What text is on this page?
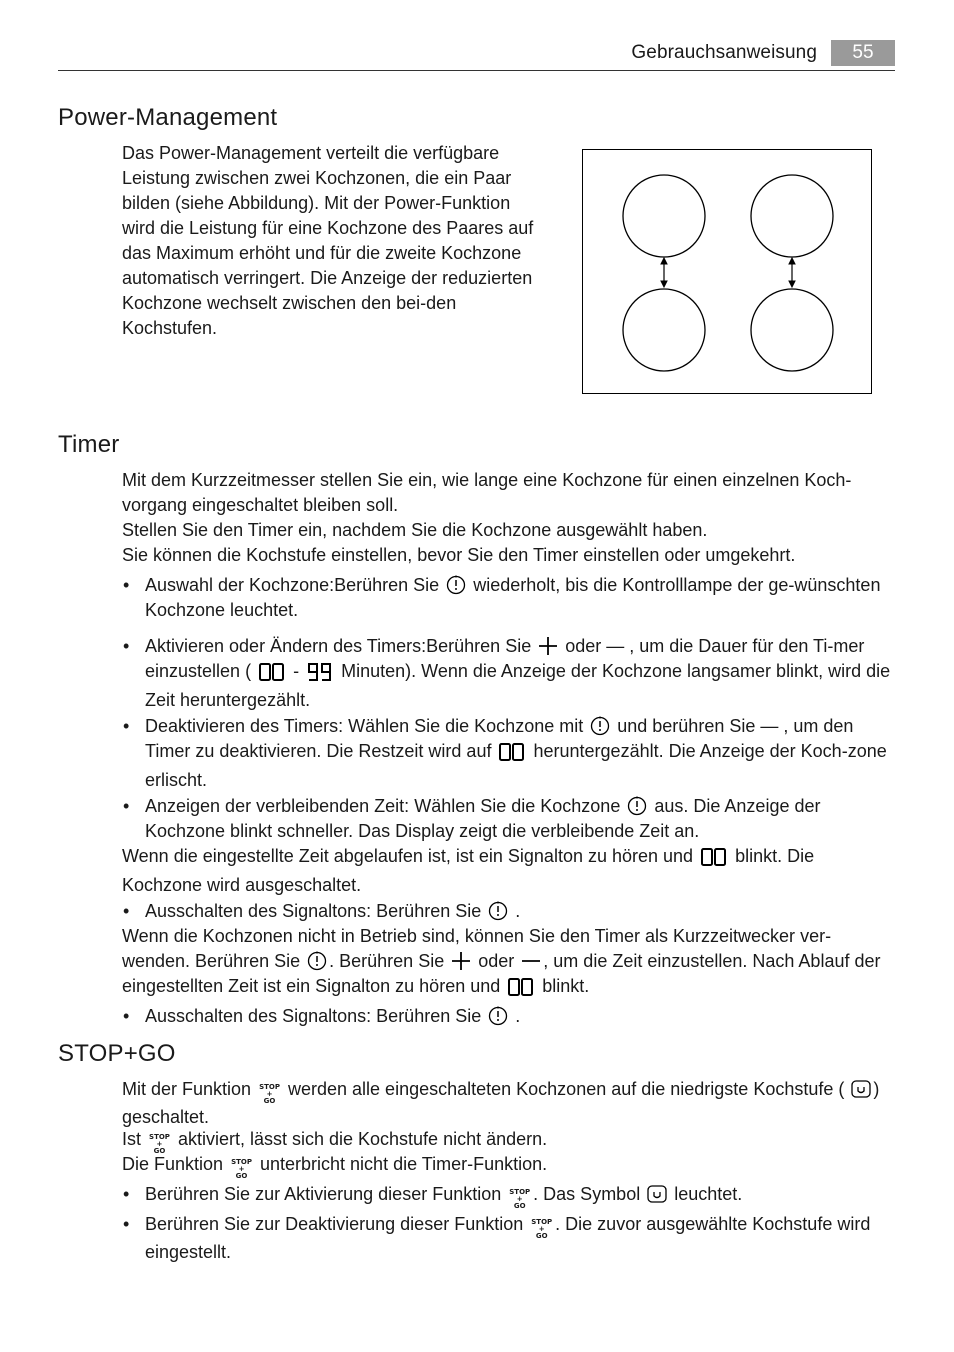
Gebrauchsanweisung	55
Power-Management
Das Power-Management verteilt die verfügbare Leistung zwischen zwei Kochzonen, die ein Paar bilden (siehe Abbildung). Mit der Power-Funktion wird die Leistung für eine Kochzone des Paares auf das Maximum erhöht und für die zweite Kochzone automatisch verringert. Die Anzeige der reduzierten Kochzone wechselt zwischen den bei-den Kochstufen.
Timer
Mit dem Kurzzeitmesser stellen Sie ein, wie lange eine Kochzone für einen einzelnen Koch-vorgang eingeschaltet bleiben soll.
Stellen Sie den Timer ein, nachdem Sie die Kochzone ausgewählt haben.
Sie können die Kochstufe einstellen, bevor Sie den Timer einstellen oder umgekehrt.
• Auswahl der Kochzone:Berühren Sie wiederholt, bis die Kontrolllampe der ge-wünschten Kochzone leuchtet.
• Aktivieren oder Ändern des Timers:Berühren Sie oder — , um die Dauer für den Ti-mer einzustellen ( - Minuten). Wenn die Anzeige der Kochzone langsamer blinkt, wird die Zeit heruntergezählt.
• Deaktivieren des Timers: Wählen Sie die Kochzone mit und berühren Sie — , um den Timer zu deaktivieren. Die Restzeit wird auf heruntergezählt. Die Anzeige der Koch-zone erlischt.
• Anzeigen der verbleibenden Zeit: Wählen Sie die Kochzone aus. Die Anzeige der Kochzone blinkt schneller. Das Display zeigt die verbleibende Zeit an.
Wenn die eingestellte Zeit abgelaufen ist, ist ein Signalton zu hören und blinkt. Die Kochzone wird ausgeschaltet.
• Ausschalten des Signaltons: Berühren Sie .
Wenn die Kochzonen nicht in Betrieb sind, können Sie den Timer als Kurzzeitwecker ver-wenden. Berühren Sie . Berühren Sie oder , um die Zeit einzustellen. Nach Ablauf der eingestellten Zeit ist ein Signalton zu hören und blinkt.
• Ausschalten des Signaltons: Berühren Sie .
STOP+GO
Mit der Funktion STOP
+
GO werden alle eingeschalteten Kochzonen auf die niedrigste Kochstufe ( ) geschaltet.
Ist STOP
+
GO aktiviert, lässt sich die Kochstufe nicht ändern.
Die Funktion STOP
+
GO unterbricht nicht die Timer-Funktion.
• Berühren Sie zur Aktivierung dieser Funktion STOP
+
GO. Das Symbol leuchtet.
• Berühren Sie zur Deaktivierung dieser Funktion STOP
+
GO. Die zuvor ausgewählte Kochstufe wird eingestellt.
